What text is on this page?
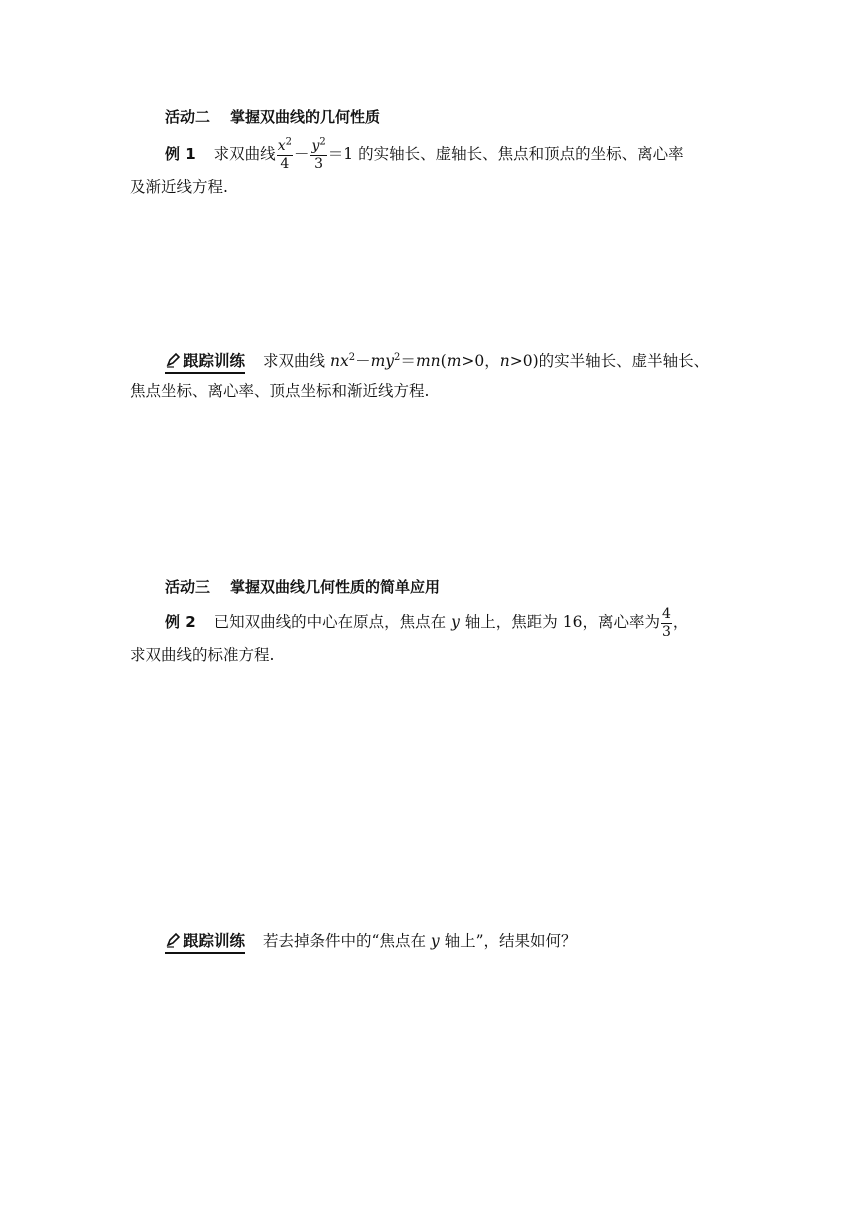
活动二 掌握双曲线的几何性质
例 1 求双曲线 $\frac{x^2}{4} - \frac{y^2}{3} =1$ 的实轴长、虚轴长、焦点和顶点的坐标、离心率
及渐近线方程.
跟踪训练 求双曲线 $nx^2-my^2=mn(m>0$，n>0)的实半轴长、虚半轴长、
焦点坐标、离心率、顶点坐标和渐近线方程.
活动三 掌握双曲线几何性质的简单应用
例 2 已知双曲线的中心在原点，焦点在 y 轴上，焦距为 16，离心率为 $\frac{4}{3}$ ，
求双曲线的标准方程.
跟踪训练 若去掉条件中的“焦点在 y 轴上”，结果如何？
